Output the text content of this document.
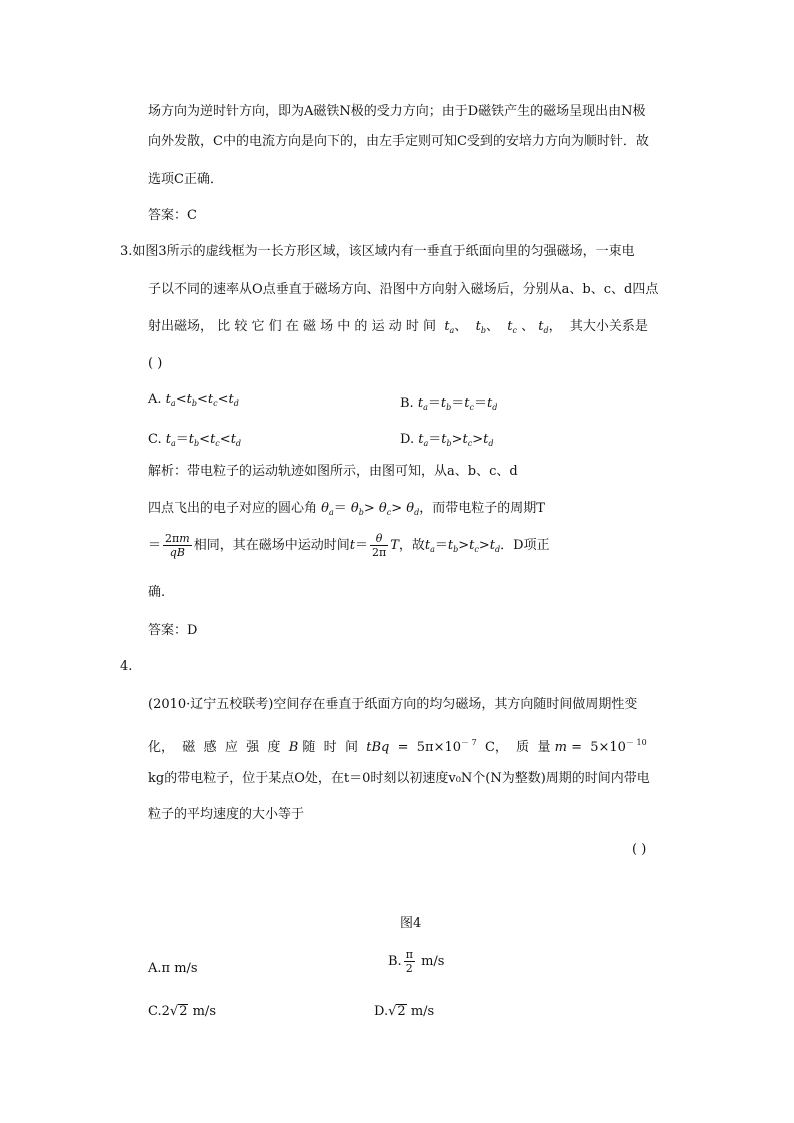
场方向为逆时针方向，即为A磁铁N极的受力方向；由于D磁铁产生的磁场呈现出由N极
向外发散，C中的电流方向是向下的，由左手定则可知C受到的安培力方向为顺时针．故
选项C正确．
答案：C
3.如图3所示的虚线框为一长方形区域，该区域内有一垂直于纸面向里的匀强磁场，一束电
子以不同的速率从O点垂直于磁场方向、沿图中方向射入磁场后，分别从a、b、c、d四点
射出磁场， 比 较 它 们 在 磁 场 中 的 运 动 时 间 $t_a$、  $t_b$、  $t_c$ 、 $t_d$，  其大小关系是
( )
A. $t_a<t_b<t_c<t_d$	B. $t_a=t_b=t_c=t_d$
C. $t_a=t_b<t_c<t_d$	D. $t_a=t_b>t_c>t_d$
解析：带电粒子的运动轨迹如图所示，由图可知，从a、b、c、d
四点飞出的电子对应的圆心角 $\theta_a= \theta_b> \theta_c> \theta_d$，而带电粒子的周期T
＝ $\frac{2\pi m}{qB}$ 相同，其在磁场中运动时间$t= \frac{\theta}{2\pi}$ T，故$t_a=t_b>t_c>t_d$．D项正
确.
答案：D
4.
(2010·辽宁五校联考)空间存在垂直于纸面方向的均匀磁场，其方向随时间做周期性变
化， 磁 感 应 强 度 B 随 时 间 tBq = $5\pi\times 10^{- 7}$ C， 质 量 $m = 5\times 10^{- 10}$
kg的带电粒子，位于某点O处，在t＝0时刻以初速度v₀N个(N为整数)周期的时间内带电
粒子的平均速度的大小等于
( )
图4
A.π m/s	B. $\frac{\pi}{2} m/s$
C.2√2 m/s	D.√2 m/s
